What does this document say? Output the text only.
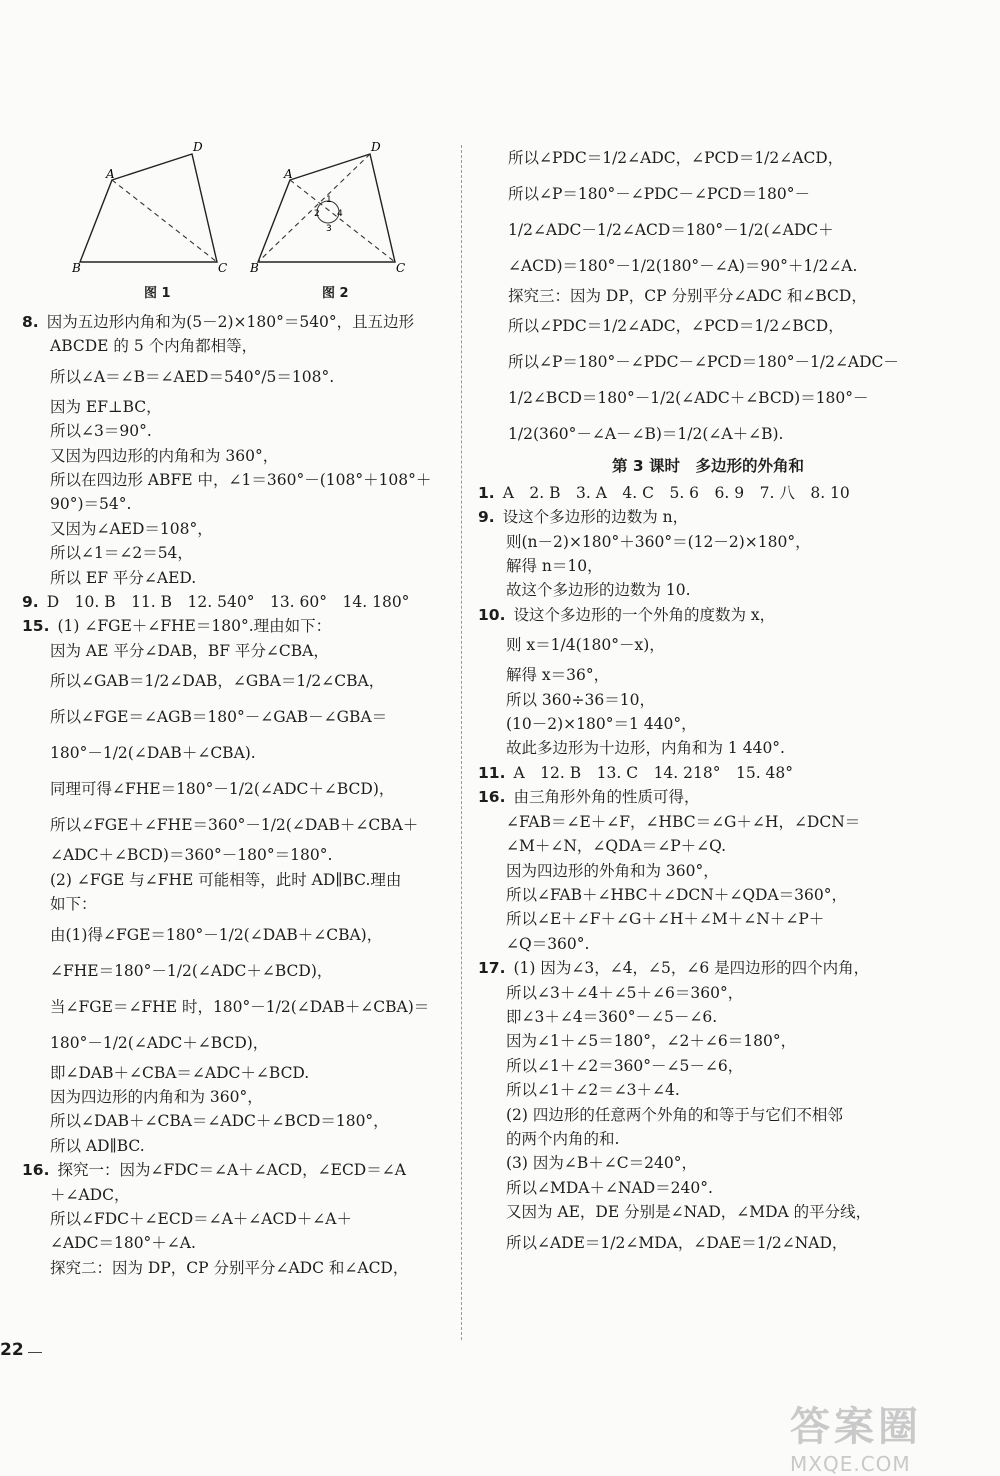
A
D
B	C
图 1
A
D
B	C
1
2
3
4
图 2
8. 因为五边形内角和为(5－2)×180°＝540°，且五边形
ABCDE 的 5 个内角都相等，
所以∠A＝∠B＝∠AED＝540°/5＝108°.
因为 EF⊥BC，
所以∠3＝90°.
又因为四边形的内角和为 360°，
所以在四边形 ABFE 中，∠1＝360°－(108°＋108°＋
90°)＝54°.
又因为∠AED＝108°，
所以∠1＝∠2＝54，
所以 EF 平分∠AED.
9. D　10. B　11. B　12. 540°　13. 60°　14. 180°
15. (1) ∠FGE＋∠FHE＝180°.理由如下：
因为 AE 平分∠DAB，BF 平分∠CBA，
所以∠GAB＝1/2∠DAB，∠GBA＝1/2∠CBA，
所以∠FGE＝∠AGB＝180°－∠GAB－∠GBA＝
180°－1/2(∠DAB＋∠CBA).
同理可得∠FHE＝180°－1/2(∠ADC＋∠BCD)，
所以∠FGE＋∠FHE＝360°－1/2(∠DAB＋∠CBA＋
∠ADC＋∠BCD)＝360°－180°＝180°.
(2) ∠FGE 与∠FHE 可能相等，此时 AD∥BC.理由
如下：
由(1)得∠FGE＝180°－1/2(∠DAB＋∠CBA)，
∠FHE＝180°－1/2(∠ADC＋∠BCD)，
当∠FGE＝∠FHE 时，180°－1/2(∠DAB＋∠CBA)＝
180°－1/2(∠ADC＋∠BCD)，
即∠DAB＋∠CBA＝∠ADC＋∠BCD.
因为四边形的内角和为 360°，
所以∠DAB＋∠CBA＝∠ADC＋∠BCD＝180°，
所以 AD∥BC.
16. 探究一：因为∠FDC＝∠A＋∠ACD，∠ECD＝∠A
＋∠ADC，
所以∠FDC＋∠ECD＝∠A＋∠ACD＋∠A＋
∠ADC＝180°＋∠A.
探究二：因为 DP，CP 分别平分∠ADC 和∠ACD，
所以∠PDC＝1/2∠ADC，∠PCD＝1/2∠ACD，
所以∠P＝180°－∠PDC－∠PCD＝180°－
1/2∠ADC－1/2∠ACD＝180°－1/2(∠ADC＋
∠ACD)＝180°－1/2(180°－∠A)＝90°＋1/2∠A.
探究三：因为 DP，CP 分别平分∠ADC 和∠BCD，
所以∠PDC＝1/2∠ADC，∠PCD＝1/2∠BCD，
所以∠P＝180°－∠PDC－∠PCD＝180°－1/2∠ADC－
1/2∠BCD＝180°－1/2(∠ADC＋∠BCD)＝180°－
1/2(360°－∠A－∠B)＝1/2(∠A＋∠B).
第 3 课时　多边形的外角和
1. A　2. B　3. A　4. C　5. 6　6. 9　7. 八　8. 10
9. 设这个多边形的边数为 n，
则(n－2)×180°＋360°＝(12－2)×180°，
解得 n＝10，
故这个多边形的边数为 10.
10. 设这个多边形的一个外角的度数为 x，
则 x＝1/4(180°－x)，
解得 x＝36°，
所以 360÷36＝10，
(10－2)×180°＝1 440°，
故此多边形为十边形，内角和为 1 440°.
11. A　12. B　13. C　14. 218°　15. 48°
16. 由三角形外角的性质可得，
∠FAB＝∠E＋∠F，∠HBC＝∠G＋∠H，∠DCN＝
∠M＋∠N，∠QDA＝∠P＋∠Q.
因为四边形的外角和为 360°，
所以∠FAB＋∠HBC＋∠DCN＋∠QDA＝360°，
所以∠E＋∠F＋∠G＋∠H＋∠M＋∠N＋∠P＋
∠Q＝360°.
17. (1) 因为∠3，∠4，∠5，∠6 是四边形的四个内角，
所以∠3＋∠4＋∠5＋∠6＝360°，
即∠3＋∠4＝360°－∠5－∠6.
因为∠1＋∠5＝180°，∠2＋∠6＝180°，
所以∠1＋∠2＝360°－∠5－∠6，
所以∠1＋∠2＝∠3＋∠4.
(2) 四边形的任意两个外角的和等于与它们不相邻
的两个内角的和.
(3) 因为∠B＋∠C＝240°，
所以∠MDA＋∠NAD＝240°.
又因为 AE，DE 分别是∠NAD，∠MDA 的平分线，
所以∠ADE＝1/2∠MDA，∠DAE＝1/2∠NAD，
22
答案圈
MXQE.COM
